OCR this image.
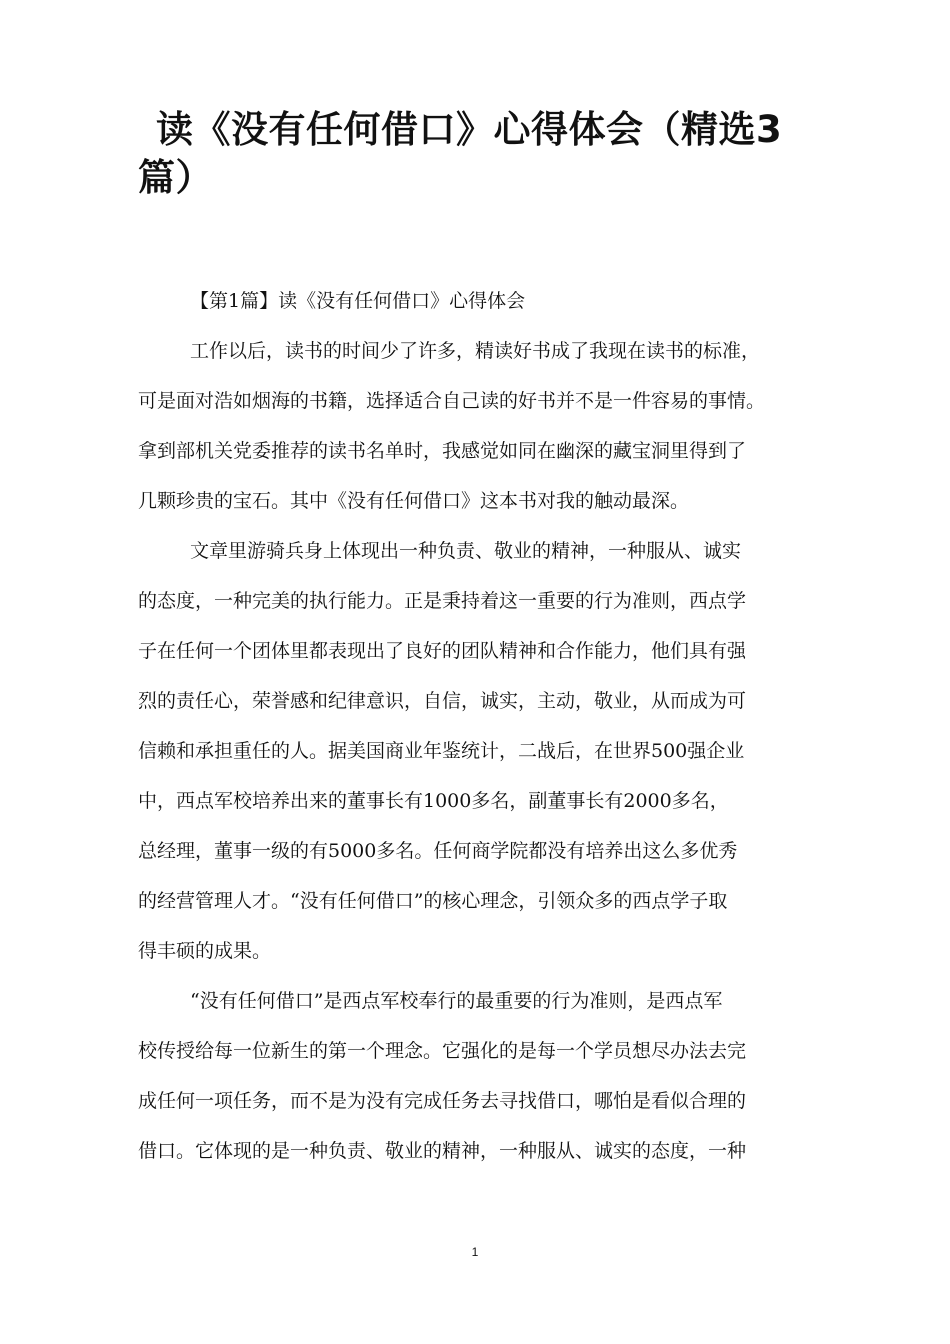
读《没有任何借口》心得体会（精选3篇）
【第1篇】读《没有任何借口》心得体会
工作以后，读书的时间少了许多，精读好书成了我现在读书的标准，
可是面对浩如烟海的书籍，选择适合自己读的好书并不是一件容易的事情。
拿到部机关党委推荐的读书名单时，我感觉如同在幽深的藏宝洞里得到了
几颗珍贵的宝石。其中《没有任何借口》这本书对我的触动最深。
文章里游骑兵身上体现出一种负责、敬业的精神，一种服从、诚实
的态度，一种完美的执行能力。正是秉持着这一重要的行为准则，西点学
子在任何一个团体里都表现出了良好的团队精神和合作能力，他们具有强
烈的责任心，荣誉感和纪律意识，自信，诚实，主动，敬业，从而成为可
信赖和承担重任的人。据美国商业年鉴统计，二战后，在世界500强企业
中，西点军校培养出来的董事长有1000多名，副董事长有2000多名，
总经理，董事一级的有5000多名。任何商学院都没有培养出这么多优秀
的经营管理人才。“没有任何借口”的核心理念，引领众多的西点学子取
得丰硕的成果。
“没有任何借口”是西点军校奉行的最重要的行为准则，是西点军
校传授给每一位新生的第一个理念。它强化的是每一个学员想尽办法去完
成任何一项任务，而不是为没有完成任务去寻找借口，哪怕是看似合理的
借口。它体现的是一种负责、敬业的精神，一种服从、诚实的态度，一种
1
